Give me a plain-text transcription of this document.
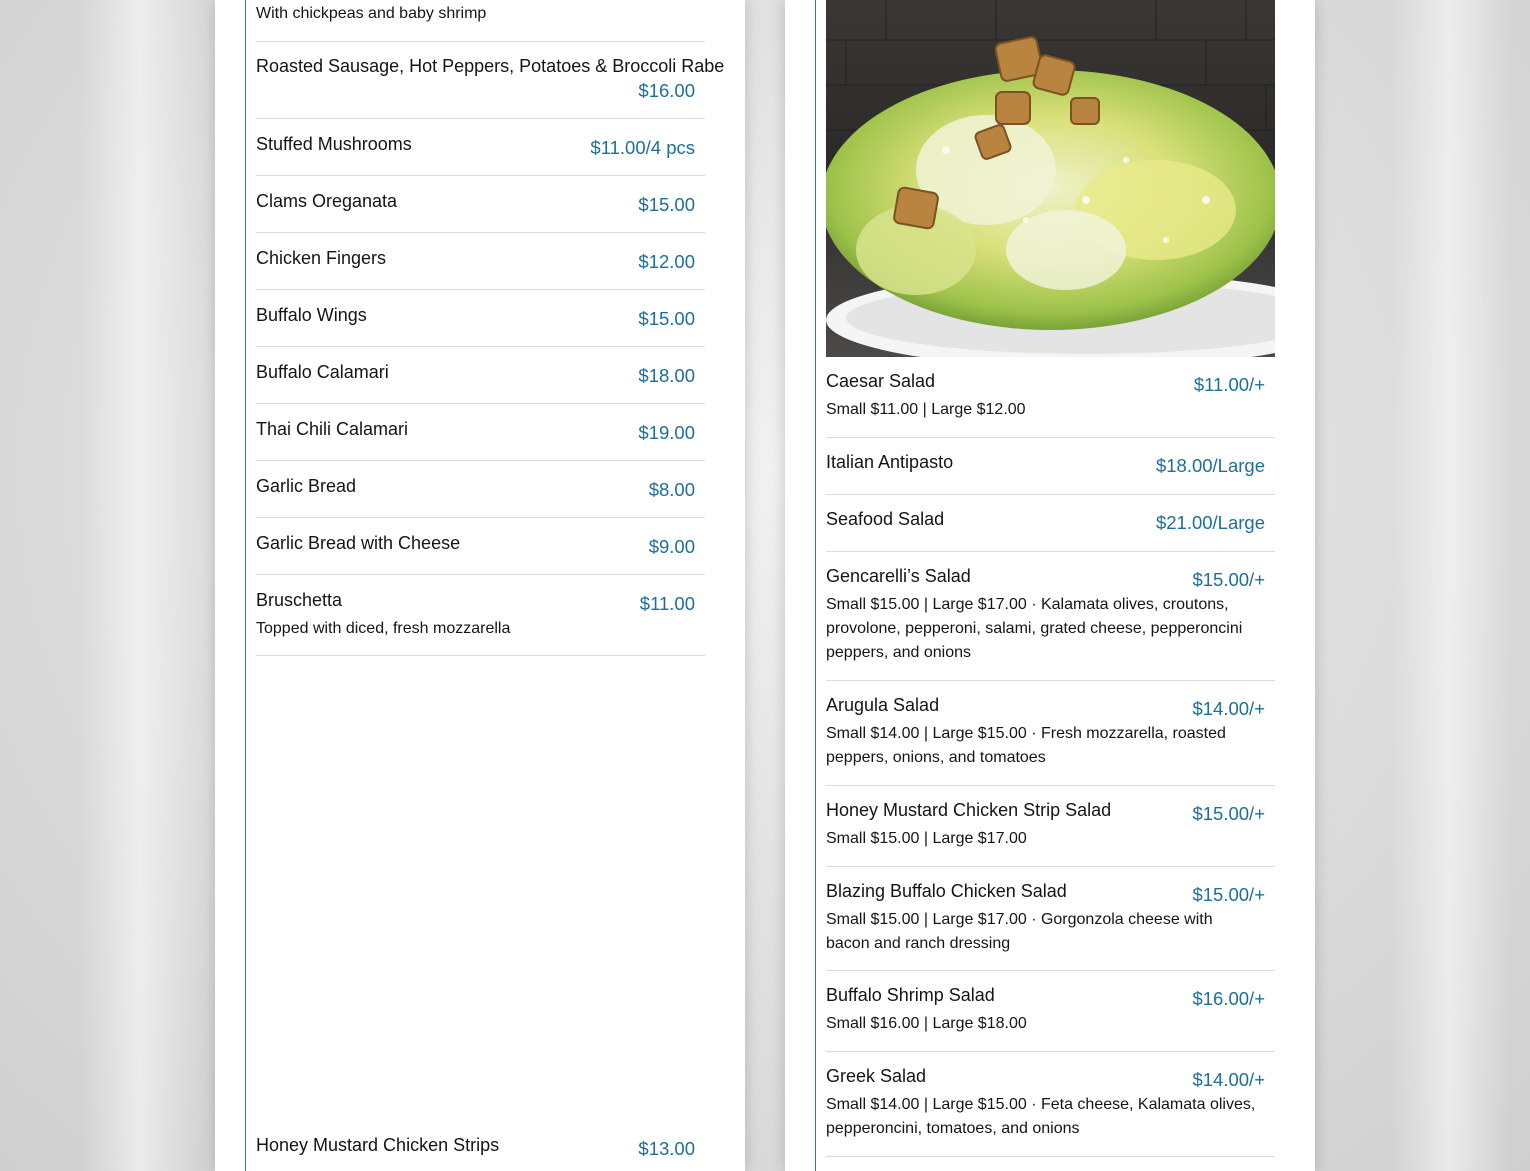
With chickpeas and baby shrimp
Roasted Sausage, Hot Peppers, Potatoes & Broccoli Rabe
$16.00
Stuffed Mushrooms	$11.00/4 pcs
Clams Oreganata	$15.00
Chicken Fingers	$12.00
Buffalo Wings	$15.00
Buffalo Calamari	$18.00
Thai Chili Calamari	$19.00
Garlic Bread	$8.00
Garlic Bread with Cheese	$9.00
Bruschetta	$11.00
Topped with diced, fresh mozzarella
Honey Mustard Chicken Strips	$13.00
Caesar Salad	$11.00/+
Small $11.00 | Large $12.00
Italian Antipasto	$18.00/Large
Seafood Salad	$21.00/Large
Gencarelli’s Salad	$15.00/+
Small $15.00 | Large $17.00 · Kalamata olives, croutons, provolone, pepperoni, salami, grated cheese, pepperoncini peppers, and onions
Arugula Salad	$14.00/+
Small $14.00 | Large $15.00 · Fresh mozzarella, roasted peppers, onions, and tomatoes
Honey Mustard Chicken Strip Salad	$15.00/+
Small $15.00 | Large $17.00
Blazing Buffalo Chicken Salad	$15.00/+
Small $15.00 | Large $17.00 · Gorgonzola cheese with bacon and ranch dressing
Buffalo Shrimp Salad	$16.00/+
Small $16.00 | Large $18.00
Greek Salad	$14.00/+
Small $14.00 | Large $15.00 · Feta cheese, Kalamata olives, pepperoncini, tomatoes, and onions
